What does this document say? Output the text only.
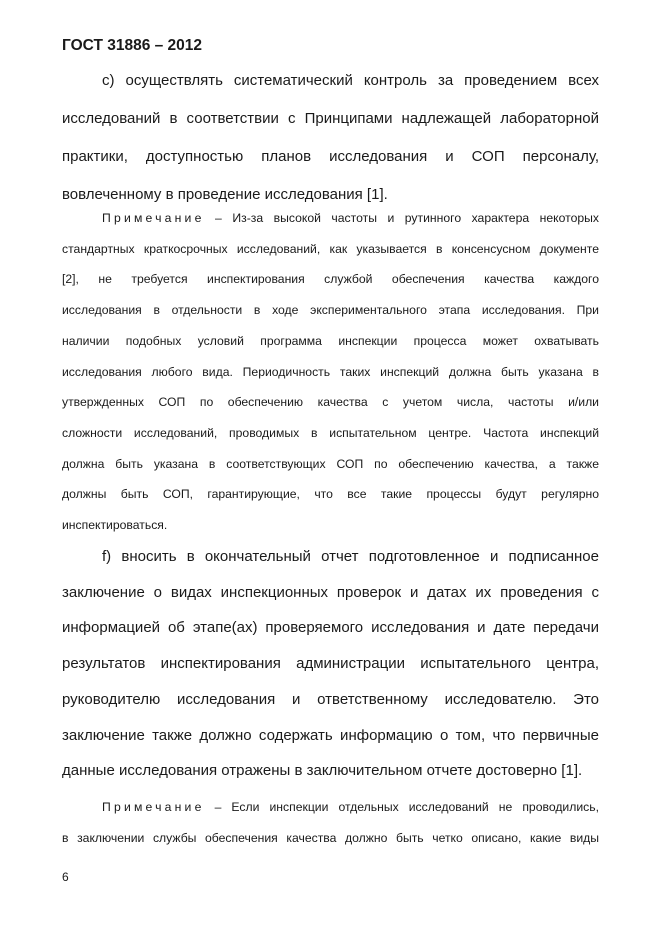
ГОСТ 31886 – 2012
с) осуществлять систематический контроль за проведением всех
исследований в соответствии с Принципами надлежащей лабораторной
практики, доступностью планов исследования и СОП персоналу,
вовлеченному в проведение исследования [1].
Примечание – Из-за высокой частоты и рутинного характера некоторых
стандартных краткосрочных исследований, как указывается в консенсусном документе
[2], не требуется инспектирования службой обеспечения качества каждого
исследования в отдельности в ходе экспериментального этапа исследования. При
наличии подобных условий программа инспекции процесса может охватывать
исследования любого вида. Периодичность таких инспекций должна быть указана в
утвержденных СОП по обеспечению качества с учетом числа, частоты и/или
сложности исследований, проводимых в испытательном центре. Частота инспекций
должна быть указана в соответствующих СОП по обеспечению качества, а также
должны быть СОП, гарантирующие, что все такие процессы будут регулярно
инспектироваться.
f) вносить в окончательный отчет подготовленное и подписанное
заключение о видах инспекционных проверок и датах их проведения с
информацией об этапе(ах) проверяемого исследования и дате передачи
результатов инспектирования администрации испытательного центра,
руководителю исследования и ответственному исследователю. Это
заключение также должно содержать информацию о том, что первичные
данные исследования отражены в заключительном отчете достоверно [1].
Примечание – Если инспекции отдельных исследований не проводились,
в заключении службы обеспечения качества должно быть четко описано, какие виды
6
